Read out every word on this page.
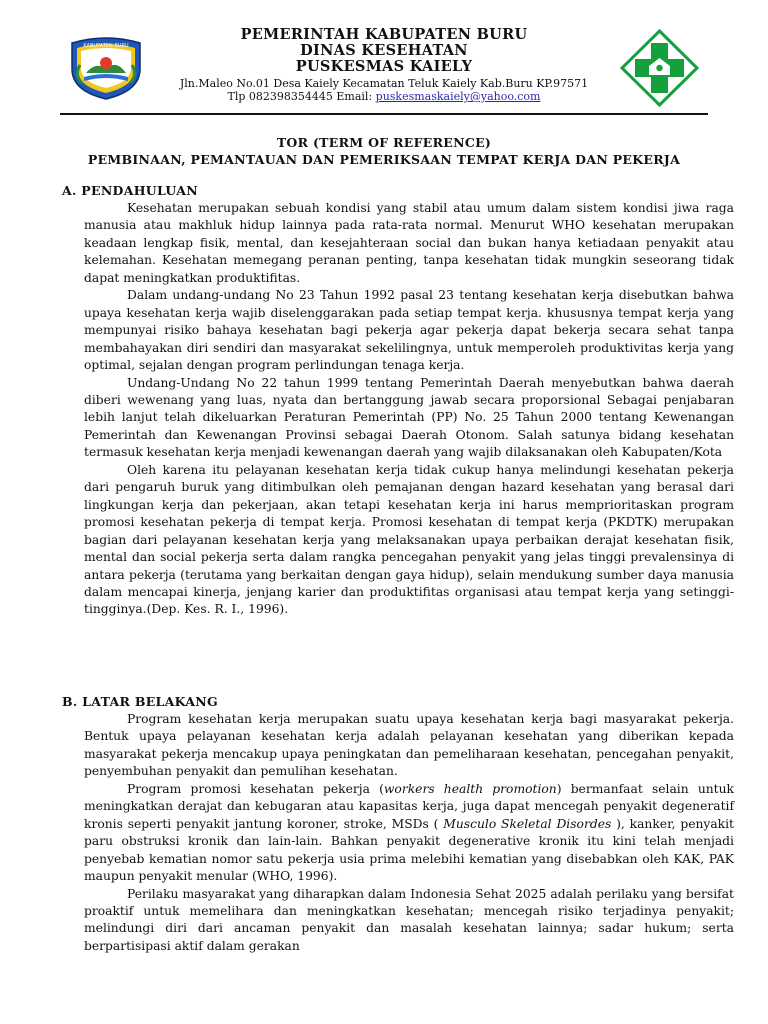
KABUPATEN BURU
PEMERINTAH KABUPATEN BURU
DINAS KESEHATAN
PUSKESMAS KAIELY
Jln.Maleo No.01 Desa Kaiely Kecamatan Teluk Kaiely Kab.Buru KP.97571
Tlp 082398354445 Email: puskesmaskaiely@yahoo.com
TOR (TERM OF REFERENCE)
PEMBINAAN, PEMANTAUAN DAN PEMERIKSAAN TEMPAT KERJA DAN PEKERJA
A. PENDAHULUAN

Kesehatan merupakan sebuah kondisi yang stabil atau umum dalam sistem kondisi jiwa raga manusia atau makhluk hidup lainnya pada rata-rata normal. Menurut WHO kesehatan merupakan keadaan lengkap fisik, mental, dan kesejahteraan social dan bukan hanya ketiadaan penyakit atau kelemahan. Kesehatan memegang peranan penting, tanpa kesehatan tidak mungkin seseorang tidak dapat meningkatkan produktifitas.

Dalam undang-undang No 23 Tahun 1992 pasal 23 tentang kesehatan kerja disebutkan bahwa upaya kesehatan kerja wajib diselenggarakan pada setiap tempat kerja. khususnya tempat kerja yang mempunyai risiko bahaya kesehatan bagi pekerja agar pekerja dapat bekerja secara sehat tanpa membahayakan diri sendiri dan masyarakat sekelilingnya, untuk memperoleh produktivitas kerja yang optimal, sejalan dengan program perlindungan tenaga kerja.

Undang-Undang No 22 tahun 1999 tentang Pemerintah Daerah menyebutkan bahwa daerah diberi wewenang yang luas, nyata dan bertanggung jawab secara proporsional Sebagai penjabaran lebih lanjut telah dikeluarkan Peraturan Pemerintah (PP) No. 25 Tahun 2000 tentang Kewenangan Pemerintah dan Kewenangan Provinsi sebagai Daerah Otonom. Salah satunya bidang kesehatan termasuk kesehatan kerja menjadi kewenangan daerah yang wajib dilaksanakan oleh Kabupaten/Kota

Oleh karena itu pelayanan kesehatan kerja tidak cukup hanya melindungi kesehatan pekerja dari pengaruh buruk yang ditimbulkan oleh pemajanan dengan hazard kesehatan yang berasal dari lingkungan kerja dan pekerjaan, akan tetapi kesehatan kerja ini harus memprioritaskan program promosi kesehatan pekerja di tempat kerja. Promosi kesehatan di tempat kerja (PKDTK) merupakan bagian dari pelayanan kesehatan kerja yang melaksanakan upaya perbaikan derajat kesehatan fisik, mental dan social pekerja serta dalam rangka pencegahan penyakit yang jelas tinggi prevalensinya di antara pekerja (terutama yang berkaitan dengan gaya hidup), selain mendukung sumber daya manusia dalam mencapai kinerja, jenjang karier dan produktifitas organisasi atau tempat kerja yang setinggi-tingginya.(Dep. Kes. R. I., 1996).

B. LATAR BELAKANG

Program kesehatan kerja merupakan suatu upaya kesehatan kerja bagi masyarakat pekerja. Bentuk upaya pelayanan kesehatan kerja adalah pelayanan kesehatan yang diberikan kepada masyarakat pekerja mencakup upaya peningkatan dan pemeliharaan kesehatan, pencegahan penyakit, penyembuhan penyakit dan pemulihan kesehatan.

Program promosi kesehatan pekerja (workers health promotion) bermanfaat selain untuk meningkatkan derajat dan kebugaran atau kapasitas kerja, juga dapat mencegah penyakit degeneratif kronis seperti penyakit jantung koroner, stroke, MSDs ( Musculo Skeletal Disordes ), kanker, penyakit paru obstruksi kronik dan lain-lain. Bahkan penyakit degenerative kronik itu kini telah menjadi penyebab kematian nomor satu pekerja usia prima melebihi kematian yang disebabkan oleh KAK, PAK maupun penyakit menular (WHO, 1996).

Perilaku masyarakat yang diharapkan dalam Indonesia Sehat 2025 adalah perilaku yang bersifat proaktif untuk memelihara dan meningkatkan kesehatan; mencegah risiko terjadinya penyakit; melindungi diri dari ancaman penyakit dan masalah kesehatan lainnya; sadar hukum; serta berpartisipasi aktif dalam gerakan
